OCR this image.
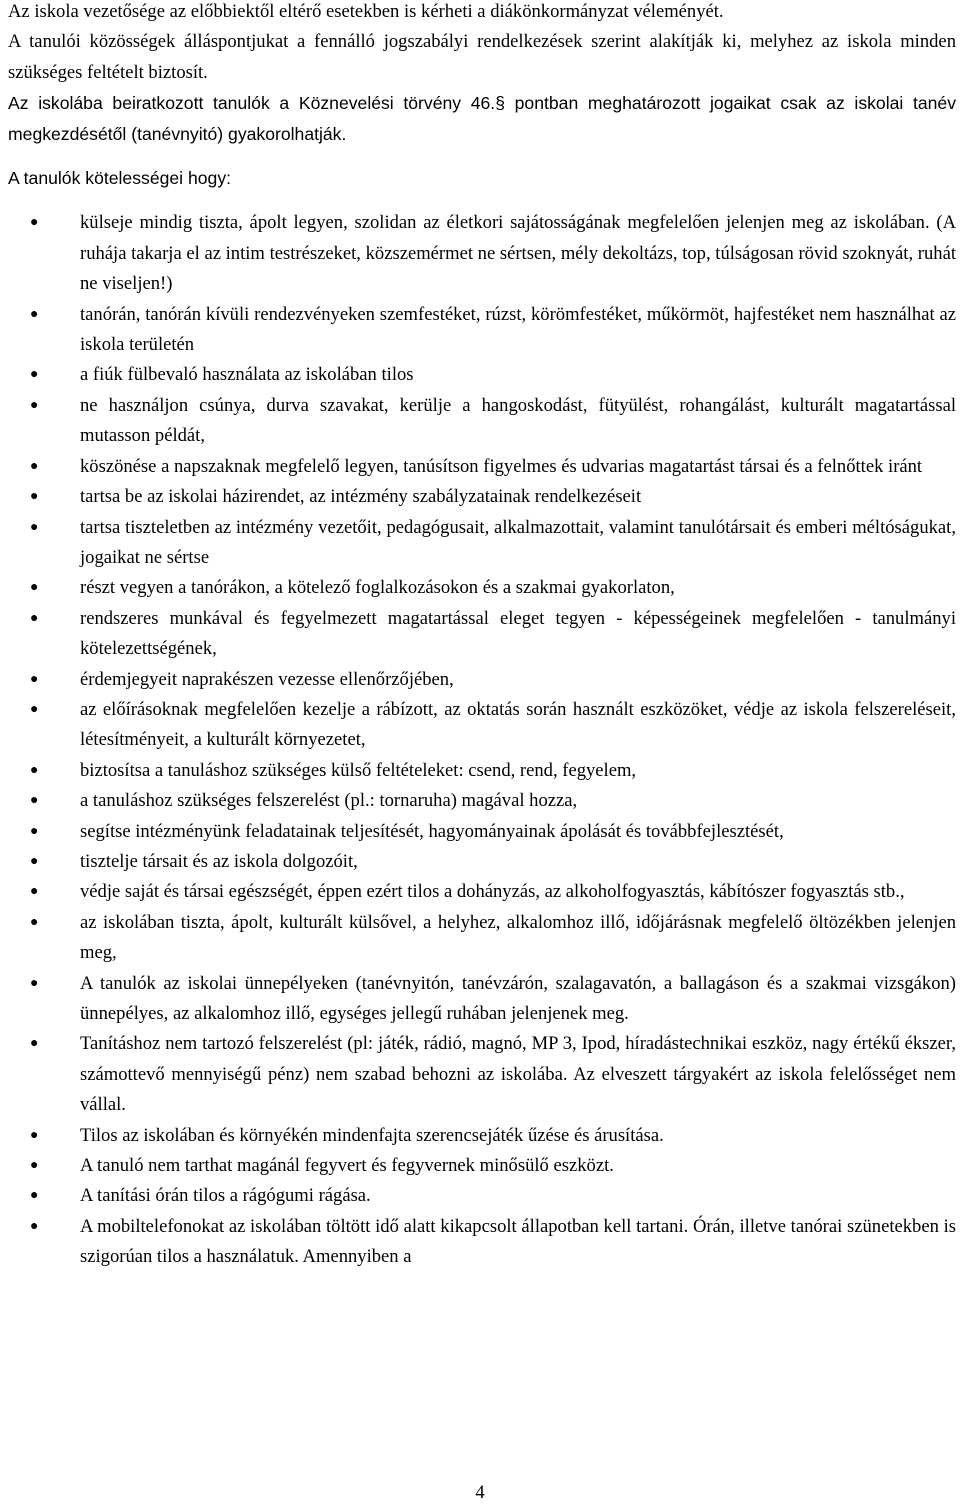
Az iskola vezetősége az előbbiektől eltérő esetekben is kérheti a diákönkormányzat véleményét.

A tanulói közösségek álláspontjukat a fennálló jogszabályi rendelkezések szerint alakítják ki, melyhez az iskola minden szükséges feltételt biztosít.

Az iskolába beiratkozott tanulók a Köznevelési törvény 46.§ pontban meghatározott jogaikat csak az iskolai tanév megkezdésétől (tanévnyitó) gyakorolhatják.

A tanulók kötelességei hogy:

● külseje mindig tiszta, ápolt legyen, szolidan az életkori sajátosságának megfelelően jelenjen meg az iskolában. (A ruhája takarja el az intim testrészeket, közszemérmet ne sértsen, mély dekoltázs, top, túlságosan rövid szoknyát, ruhát ne viseljen!)
● tanórán, tanórán kívüli rendezvényeken szemfestéket, rúzst, körömfestéket, műkörmöt, hajfestéket nem használhat az iskola területén
● a fiúk fülbevaló használata az iskolában tilos
● ne használjon csúnya, durva szavakat, kerülje a hangoskodást, fütyülést, rohangálást, kulturált magatartással mutasson példát,
● köszönése a napszaknak megfelelő legyen, tanúsítson figyelmes és udvarias magatartást társai és a felnőttek iránt
● tartsa be az iskolai házirendet, az intézmény szabályzatainak rendelkezéseit
● tartsa tiszteletben az intézmény vezetőit, pedagógusait, alkalmazottait, valamint tanulótársait és emberi méltóságukat, jogaikat ne sértse
● részt vegyen a tanórákon, a kötelező foglalkozásokon és a szakmai gyakorlaton,
● rendszeres munkával és fegyelmezett magatartással eleget tegyen - képességeinek megfelelően - tanulmányi kötelezettségének,
● érdemjegyeit naprakészen vezesse ellenőrzőjében,
● az előírásoknak megfelelően kezelje a rábízott, az oktatás során használt eszközöket, védje az iskola felszereléseit, létesítményeit, a kulturált környezetet,
● biztosítsa a tanuláshoz szükséges külső feltételeket: csend, rend, fegyelem,
● a tanuláshoz szükséges felszerelést (pl.: tornaruha) magával hozza,
● segítse intézményünk feladatainak teljesítését, hagyományainak ápolását és továbbfejlesztését,
● tisztelje társait és az iskola dolgozóit,
● védje saját és társai egészségét, éppen ezért tilos a dohányzás, az alkoholfogyasztás, kábítószer fogyasztás stb.,
● az iskolában tiszta, ápolt, kulturált külsővel, a helyhez, alkalomhoz illő, időjárásnak megfelelő öltözékben jelenjen meg,
● A tanulók az iskolai ünnepélyeken (tanévnyitón, tanévzárón, szalagavatón, a ballagáson és a szakmai vizsgákon) ünnepélyes, az alkalomhoz illő, egységes jellegű ruhában jelenjenek meg.
● Tanításhoz nem tartozó felszerelést (pl: játék, rádió, magnó, MP 3, Ipod, híradástechnikai eszköz, nagy értékű ékszer, számottevő mennyiségű pénz) nem szabad behozni az iskolába. Az elveszett tárgyakért az iskola felelősséget nem vállal.
● Tilos az iskolában és környékén mindenfajta szerencsejáték űzése és árusítása.
● A tanuló nem tarthat magánál fegyvert és fegyvernek minősülő eszközt.
● A tanítási órán tilos a rágógumi rágása.
● A mobiltelefonokat az iskolában töltött idő alatt kikapcsolt állapotban kell tartani. Órán, illetve tanórai szünetekben is szigorúan tilos a használatuk. Amennyiben a
4
